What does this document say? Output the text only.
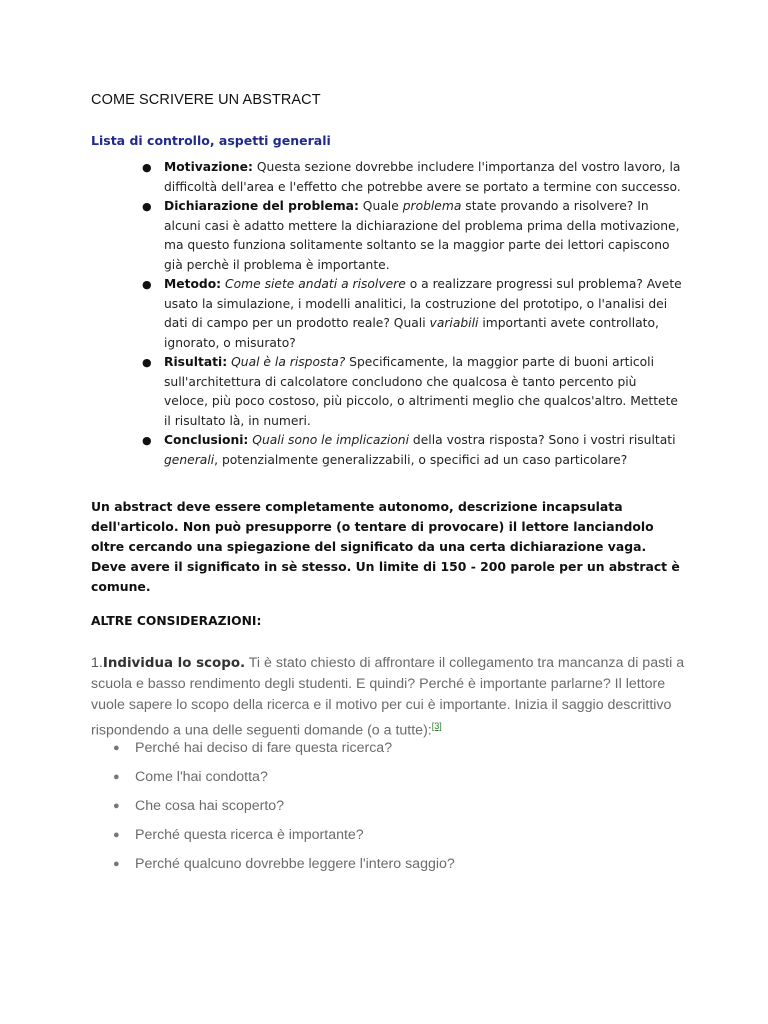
COME SCRIVERE UN ABSTRACT
Lista di controllo, aspetti generali
● Motivazione: Questa sezione dovrebbe includere l'importanza del vostro lavoro, la difficoltà dell'area e l'effetto che potrebbe avere se portato a termine con successo.
● Dichiarazione del problema: Quale problema state provando a risolvere? In alcuni casi è adatto mettere la dichiarazione del problema prima della motivazione, ma questo funziona solitamente soltanto se la maggior parte dei lettori capiscono già perchè il problema è importante.
● Metodo: Come siete andati a risolvere o a realizzare progressi sul problema? Avete usato la simulazione, i modelli analitici, la costruzione del prototipo, o l'analisi dei dati di campo per un prodotto reale? Quali variabili importanti avete controllato, ignorato, o misurato?
● Risultati: Qual è la risposta? Specificamente, la maggior parte di buoni articoli sull'architettura di calcolatore concludono che qualcosa è tanto percento più veloce, più poco costoso, più piccolo, o altrimenti meglio che qualcos'altro. Mettete il risultato là, in numeri.
● Conclusioni: Quali sono le implicazioni della vostra risposta? Sono i vostri risultati generali, potenzialmente generalizzabili, o specifici ad un caso particolare?

Un abstract deve essere completamente autonomo, descrizione incapsulata dell'articolo. Non può presupporre (o tentare di provocare) il lettore lanciandolo oltre cercando una spiegazione del significato da una certa dichiarazione vaga. Deve avere il significato in sè stesso. Un limite di 150 - 200 parole per un abstract è comune.

ALTRE CONSIDERAZIONI:

1.Individua lo scopo. Ti è stato chiesto di affrontare il collegamento tra mancanza di pasti a scuola e basso rendimento degli studenti. E quindi? Perché è importante parlarne? Il lettore vuole sapere lo scopo della ricerca e il motivo per cui è importante. Inizia il saggio descrittivo rispondendo a una delle seguenti domande (o a tutte):[3]

● Perché hai deciso di fare questa ricerca?
● Come l'hai condotta?
● Che cosa hai scoperto?
● Perché questa ricerca è importante?
● Perché qualcuno dovrebbe leggere l'intero saggio?
